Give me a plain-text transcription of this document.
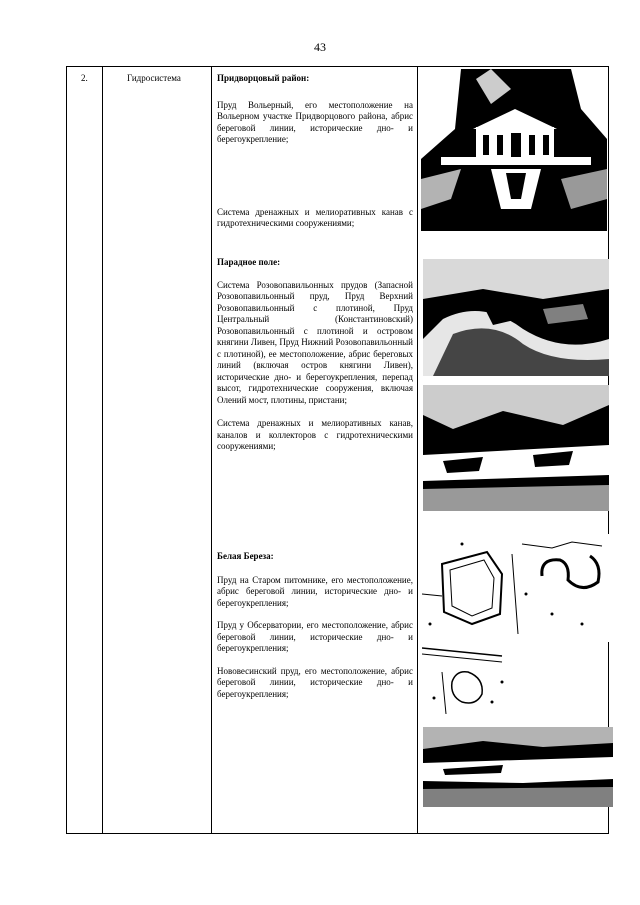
43
2.	Гидросистема	Придворцовый район:

Пруд Вольерный, его местоположение на Вольерном участке Придворцового района, абрис береговой линии, исторические дно- и берегоукрепление;

Система дренажных и мелиоративных канав с гидротехническими сооружениями;

Парадное поле:

Система Розовопавильонных прудов (Запасной Розовопавильонный пруд, Пруд Верхний Розовопавильонный с плотиной, Пруд Центральный (Константиновский) Розовопавильонный с плотиной и островом княгини Ливен, Пруд Нижний Розовопавильонный с плотиной), ее местоположение, абрис береговых линий (включая остров княгини Ливен), исторические дно- и берегоукрепления, перепад высот, гидротехнические сооружения, включая Олений мост, плотины, пристани;

Система дренажных и мелиоративных канав, каналов и коллекторов с гидротехническими сооружениями;

Белая Береза:

Пруд на Старом питомнике, его местоположение, абрис береговой линии, исторические дно- и берегоукрепления;

Пруд у Обсерватории, его местоположение, абрис береговой линии, исторические дно- и берегоукрепления;

Нововесинский пруд, его местоположение, абрис береговой линии, исторические дно- и берегоукрепления;
